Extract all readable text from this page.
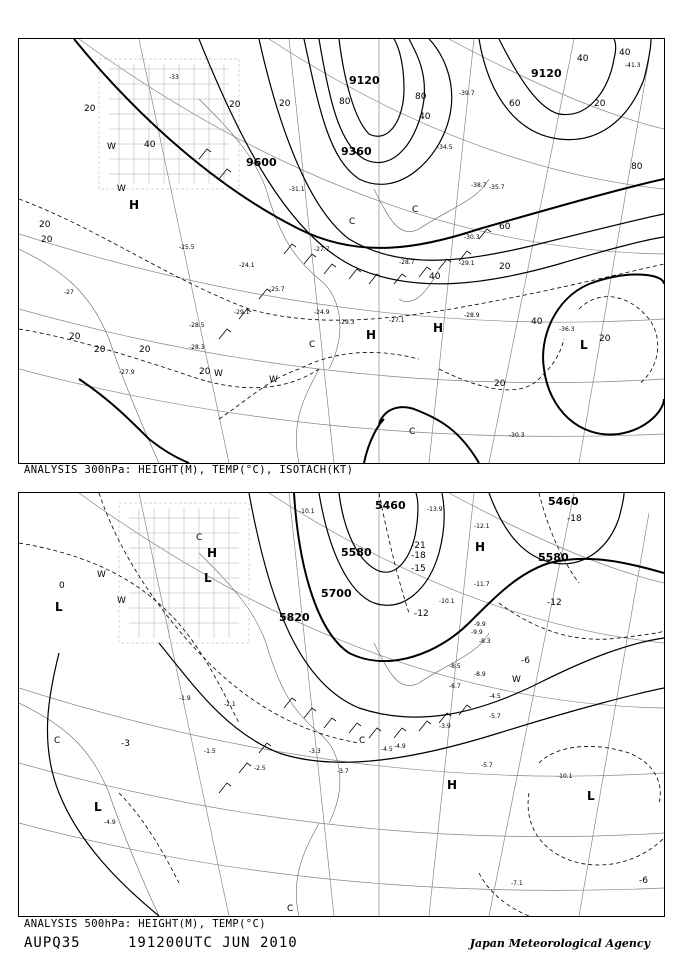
9120
9120
9360
9600
20	20
40
40
60
80	80
80
40
20
20
20
40
20
20
40
60
40
20
20
20
20
20
20
-33
-27
-25.5
-24.1
-29.1	-24.9
-29.3	-27.1
-28.9
-30.3
-36.3
-34.5
-39.7
-38.7 -35.7
-28.7	-29.1
-31.1
-27.7
-25.7
-28.3
-28.5
-27.9
-30.3
-41.3
H
H	H
L
W
W
W
W
C
C
C
C
ANALYSIS 300hPa: HEIGHT(M), TEMP(°C), ISOTACH(KT)
5460	5460
5580	5580
5700
5820
-21
-18
-15
-12
-12
-18
-3
-6
-6
0
-10.1	-13.9
-12.1
-11.7
-10.1
-9.9
-8.3
-8.9
-6.7
-4.5
-5.7
-3.9
-4.9
-3.7
-3.3
-2.5
-1.5
-2.1
-1.9
-4.5
-5.7
-7.1
-10.1
-4.9
-9.9
-8.5
H	H
H
L
L
L
L
W
W
W
C
C	C
C
ANALYSIS 500hPa: HEIGHT(M), TEMP(°C)
AUPQ35	191200UTC JUN 2010	Japan Meteorological Agency
